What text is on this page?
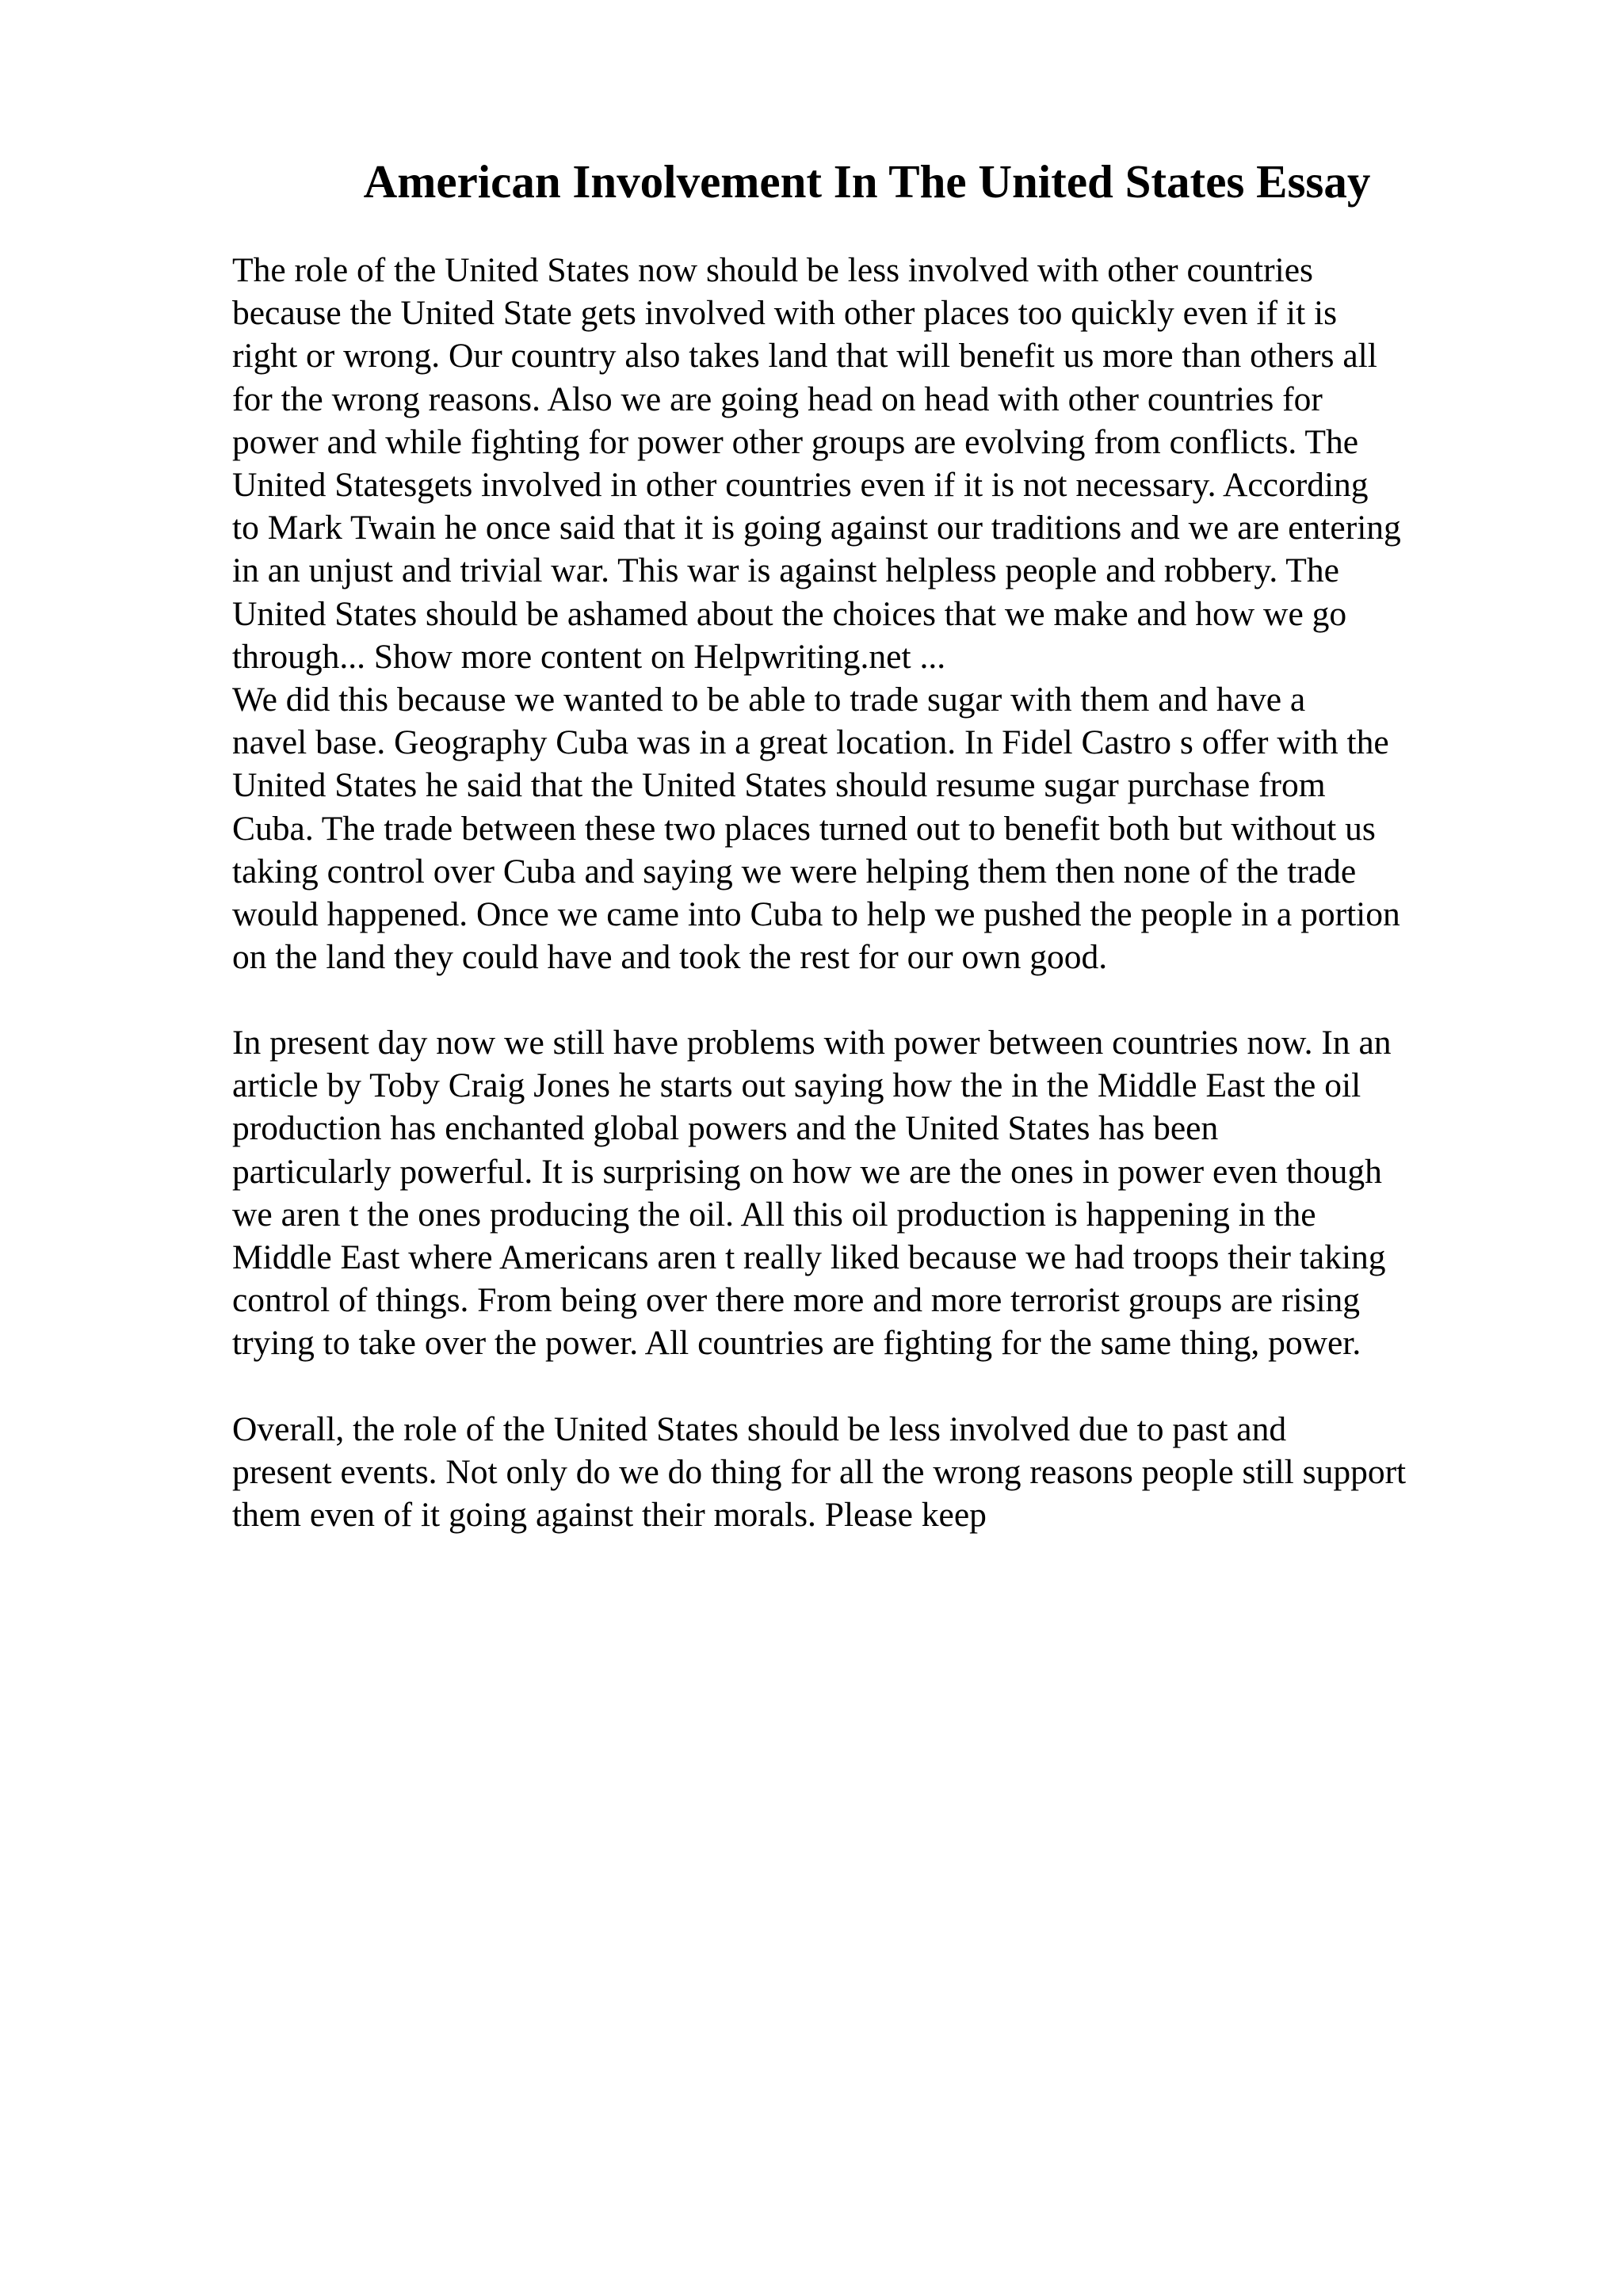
American Involvement In The United States Essay
The role of the United States now should be less involved with other countries
because the United State gets involved with other places too quickly even if it is
right or wrong. Our country also takes land that will benefit us more than others all
for the wrong reasons. Also we are going head on head with other countries for
power and while fighting for power other groups are evolving from conflicts. The
United Statesgets involved in other countries even if it is not necessary. According
to Mark Twain he once said that it is going against our traditions and we are entering
in an unjust and trivial war. This war is against helpless people and robbery. The
United States should be ashamed about the choices that we make and how we go
through... Show more content on Helpwriting.net ...
We did this because we wanted to be able to trade sugar with them and have a
navel base. Geography Cuba was in a great location. In Fidel Castro s offer with the
United States he said that the United States should resume sugar purchase from
Cuba. The trade between these two places turned out to benefit both but without us
taking control over Cuba and saying we were helping them then none of the trade
would happened. Once we came into Cuba to help we pushed the people in a portion
on the land they could have and took the rest for our own good.
In present day now we still have problems with power between countries now. In an
article by Toby Craig Jones he starts out saying how the in the Middle East the oil
production has enchanted global powers and the United States has been
particularly powerful. It is surprising on how we are the ones in power even though
we aren t the ones producing the oil. All this oil production is happening in the
Middle East where Americans aren t really liked because we had troops their taking
control of things. From being over there more and more terrorist groups are rising
trying to take over the power. All countries are fighting for the same thing, power.
Overall, the role of the United States should be less involved due to past and
present events. Not only do we do thing for all the wrong reasons people still support
them even of it going against their morals. Please keep
